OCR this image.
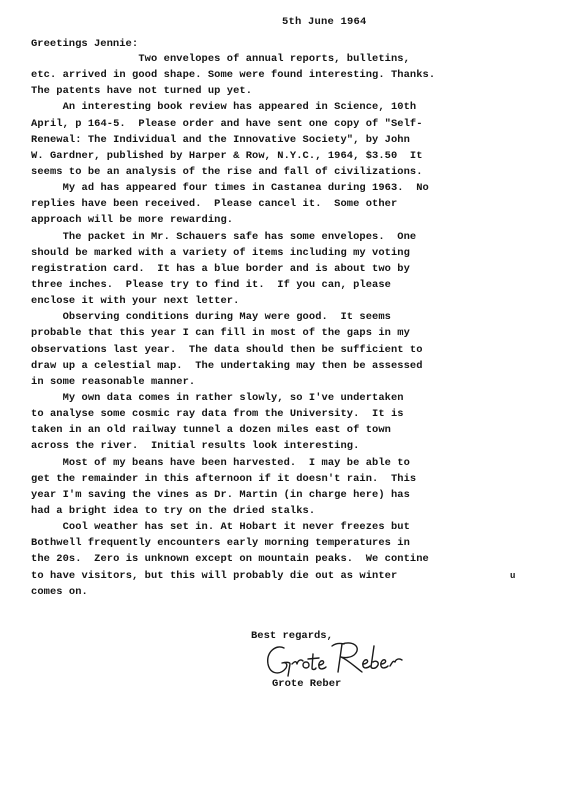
5th June 1964
Greetings Jennie:
Two envelopes of annual reports, bulletins,
etc. arrived in good shape. Some were found interesting. Thanks.
The patents have not turned up yet.
An interesting book review has appeared in Science, 10th
April, p 164-5.  Please order and have sent one copy of "Self-
Renewal: The Individual and the Innovative Society", by John
W. Gardner, published by Harper & Row, N.Y.C., 1964, $3.50  It
seems to be an analysis of the rise and fall of civilizations.
My ad has appeared four times in Castanea during 1963.  No
replies have been received.  Please cancel it.  Some other
approach will be more rewarding.
The packet in Mr. Schauers safe has some envelopes.  One
should be marked with a variety of items including my voting
registration card.  It has a blue border and is about two by
three inches.  Please try to find it.  If you can, please
enclose it with your next letter.
Observing conditions during May were good.  It seems
probable that this year I can fill in most of the gaps in my
observations last year.  The data should then be sufficient to
draw up a celestial map.  The undertaking may then be assessed
in some reasonable manner.
My own data comes in rather slowly, so I've undertaken
to analyse some cosmic ray data from the University.  It is
taken in an old railway tunnel a dozen miles east of town
across the river.  Initial results look interesting.
Most of my beans have been harvested.  I may be able to
get the remainder in this afternoon if it doesn't rain.  This
year I'm saving the vines as Dr. Martin (in charge here) has
had a bright idea to try on the dried stalks.
Cool weather has set in. At Hobart it never freezes but
Bothwell frequently encounters early morning temperatures in
the 20s.  Zero is unknown except on mountain peaks.  We contine
to have visitors, but this will probably die out as winter
comes on.
u
Best regards,
Grote Reber
